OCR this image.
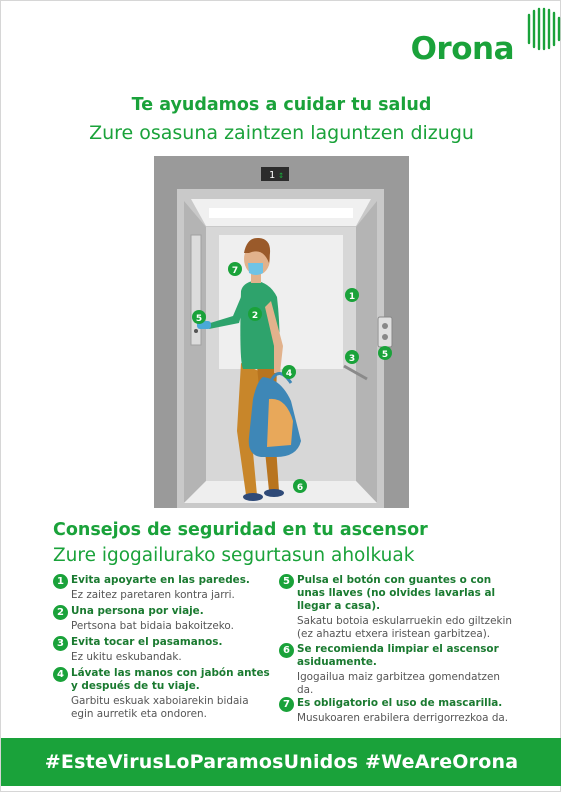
Orona
Te ayudamos a cuidar tu salud
Zure osasuna zaintzen laguntzen dizugu
1 ↕
7
1
5	2
3	5
4
6
Consejos de seguridad en tu ascensor
Zure igogailurako segurtasun aholkuak
1 Evita apoyarte en las paredes.
Ez zaitez paretaren kontra jarri.
2 Una persona por viaje.
Pertsona bat bidaia bakoitzeko.
3 Evita tocar el pasamanos.
Ez ukitu eskubandak.
4 Lávate las manos con jabón antes y después de tu viaje.
Garbitu eskuak xaboiarekin bidaia egin aurretik eta ondoren.
5 Pulsa el botón con guantes o con unas llaves (no olvides lavarlas al llegar a casa).
Sakatu botoia eskularruekin edo giltzekin (ez ahaztu etxera iristean garbitzea).
6 Se recomienda limpiar el ascensor asiduamente.
Igogailua maiz garbitzea gomendatzen da.
7 Es obligatorio el uso de mascarilla.
Musukoaren erabilera derrigorrezkoa da.
#EsteVirusLoParamosUnidos #WeAreOrona
